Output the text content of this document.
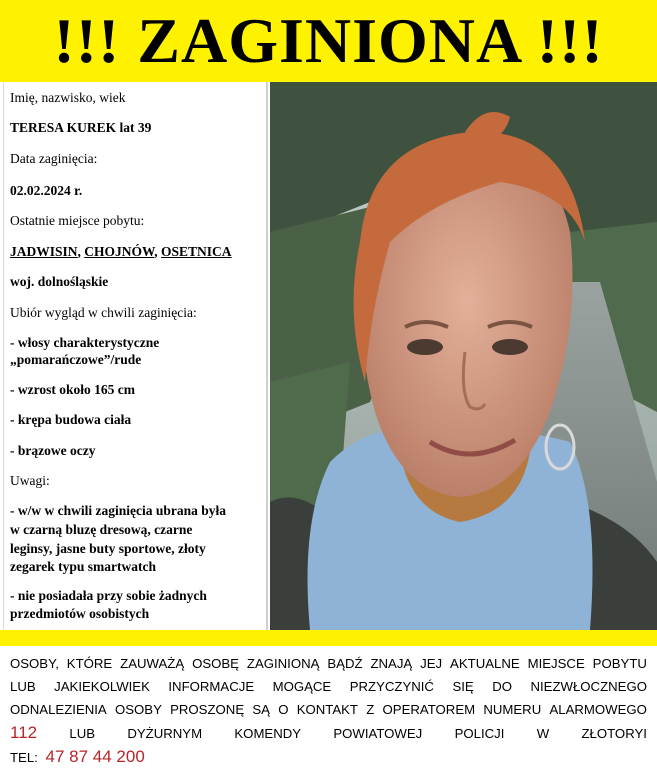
!!! ZAGINIONA !!!
Imię, nazwisko, wiek
TERESA KUREK lat 39
Data zaginięcia:
02.02.2024 r.
Ostatnie miejsce pobytu:
JADWISIN, CHOJNÓW, OSETNICA
woj. dolnośląskie
Ubiór wygląd w chwili zaginięcia:
- włosy charakterystyczne
„pomarańczowe”/rude
- wzrost około 165 cm
- krępa budowa ciała
- brązowe oczy
Uwagi:
- w/w w chwili zaginięcia ubrana była
w czarną bluzę dresową, czarne
leginsy, jasne buty sportowe, złoty
zegarek typu smartwatch
- nie posiadała przy sobie żadnych
przedmiotów osobistych
OSOBY, KTÓRE ZAUWAŻĄ OSOBĘ ZAGINIONĄ BĄDŹ ZNAJĄ JEJ AKTUALNE MIEJSCE POBYTU
LUB JAKIEKOLWIEK INFORMACJE MOGĄCE PRZYCZYNIĆ SIĘ DO NIEZWŁOCZNEGO
ODNALEZIENIA OSOBY PROSZONĘ SĄ O KONTAKT Z OPERATOREM NUMERU ALARMOWEGO
112 LUB DYŻURNYM KOMENDY POWIATOWEJ POLICJI W ZŁOTORYI
TEL: 47 87 44 200
